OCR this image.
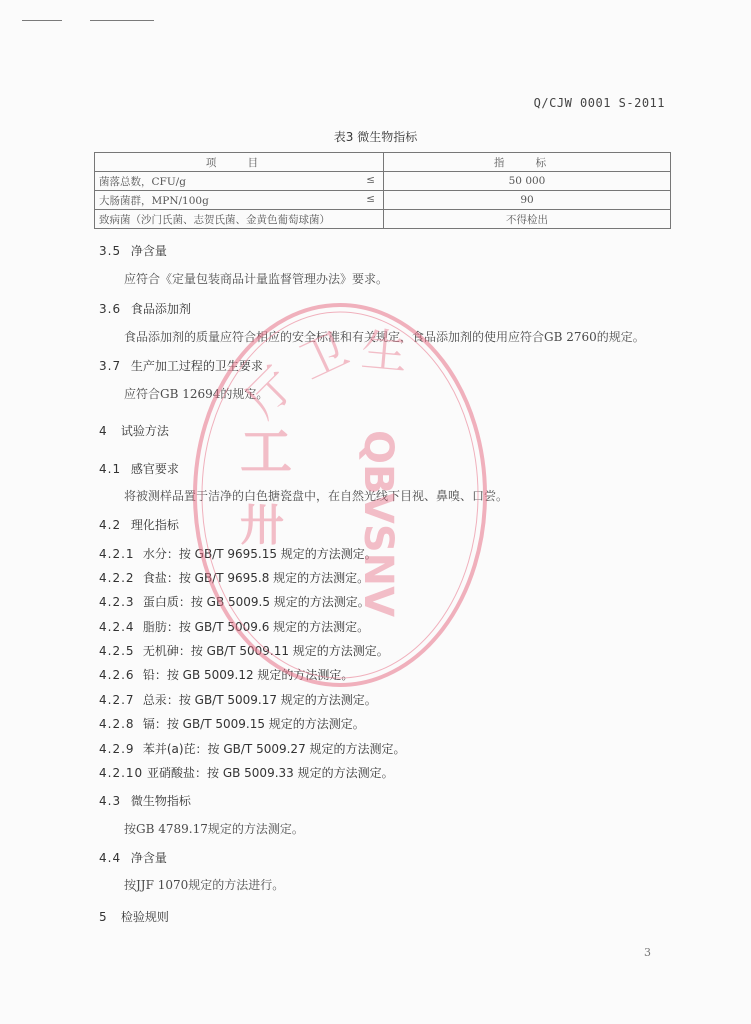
Q/CJW 0001 S-2011
表3 微生物指标
项 目	指 标
菌落总数，CFU/g ≤	50 000
大肠菌群，MPN/100g ≤	90
致病菌（沙门氏菌、志贺氏菌、金黄色葡萄球菌）	不得检出
3.5 净含量
应符合《定量包装商品计量监督管理办法》要求。
3.6 食品添加剂
食品添加剂的质量应符合相应的安全标准和有关规定，食品添加剂的使用应符合GB 2760的规定。
3.7 生产加工过程的卫生要求
应符合GB 12694的规定。
4 试验方法
4.1 感官要求
将被测样品置于洁净的白色搪瓷盘中，在自然光线下目视、鼻嗅、口尝。
4.2 理化指标
4.2.1 水分：按 GB/T 9695.15 规定的方法测定。
4.2.2 食盐：按 GB/T 9695.8 规定的方法测定。
4.2.3 蛋白质：按 GB 5009.5 规定的方法测定。
4.2.4 脂肪：按 GB/T 5009.6 规定的方法测定。
4.2.5 无机砷：按 GB/T 5009.11 规定的方法测定。
4.2.6 铅：按 GB 5009.12 规定的方法测定。
4.2.7 总汞：按 GB/T 5009.17 规定的方法测定。
4.2.8 镉：按 GB/T 5009.15 规定的方法测定。
4.2.9 苯并(a)芘：按 GB/T 5009.27 规定的方法测定。
4.2.10 亚硝酸盐：按 GB 5009.33 规定的方法测定。
4.3 微生物指标
按GB 4789.17规定的方法测定。
4.4 净含量
按JJF 1070规定的方法进行。
5 检验规则
3
卫 生
厅
QBVSNV
工
卅
